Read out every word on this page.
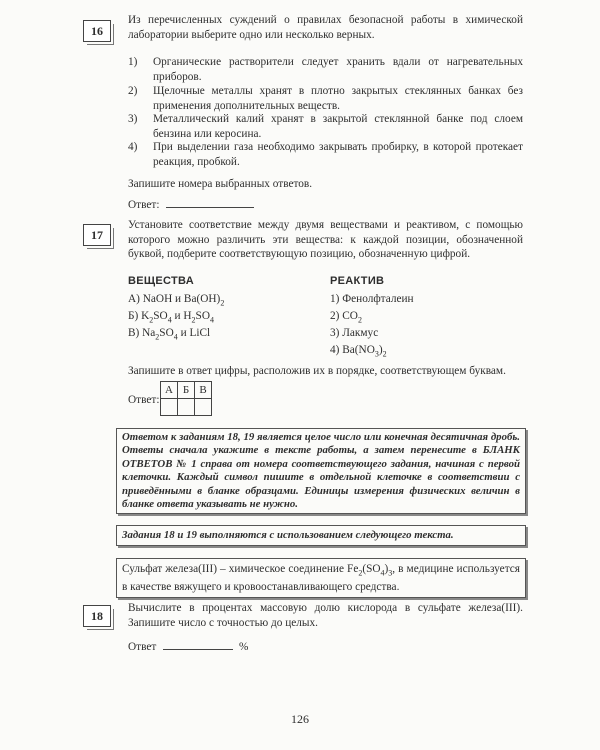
16
Из перечисленных суждений о правилах безопасной работы в химической лаборатории выберите одно или несколько верных.
1) Органические растворители следует хранить вдали от нагревательных приборов.
2) Щелочные металлы хранят в плотно закрытых стеклянных банках без применения дополнительных веществ.
3) Металлический калий хранят в закрытой стеклянной банке под слоем бензина или керосина.
4) При выделении газа необходимо закрывать пробирку, в которой протекает реакция, пробкой.
Запишите номера выбранных ответов.
Ответ:
17
Установите соответствие между двумя веществами и реактивом, с помощью которого можно различить эти вещества: к каждой позиции, обозначенной буквой, подберите соответствующую позицию, обозначенную цифрой.
ВЕЩЕСТВА	РЕАКТИВ
А) NaOH и $Ba(OH)_2$
Б) $K_2SO_4$ и $H_2SO_4$
В) $Na_2SO_4$ и LiCl
1) Фенолфталеин
2) $CO_2$
3) Лакмус
4) $Ba(NO_3)_2$
Запишите в ответ цифры, расположив их в порядке, соответствующем буквам.
Ответ:
А	Б	В

Ответом к заданиям 18, 19 является целое число или конечная десятичная дробь. Ответы сначала укажите в тексте работы, а затем перенесите в БЛАНК ОТВЕТОВ № 1 справа от номера соответствующего задания, начиная с первой клеточки. Каждый символ пишите в отдельной клеточке в соответствии с приведёнными в бланке образцами. Единицы измерения физических величин в бланке ответа указывать не нужно.
Задания 18 и 19 выполняются с использованием следующего текста.
Сульфат железа(III) – химическое соединение $Fe_2(SO_4)_3$, в медицине используется в качестве вяжущего и кровоостанавливающего средства.
18
Вычислите в процентах массовую долю кислорода в сульфате железа(III). Запишите число с точностью до целых.
Ответ	%
126
